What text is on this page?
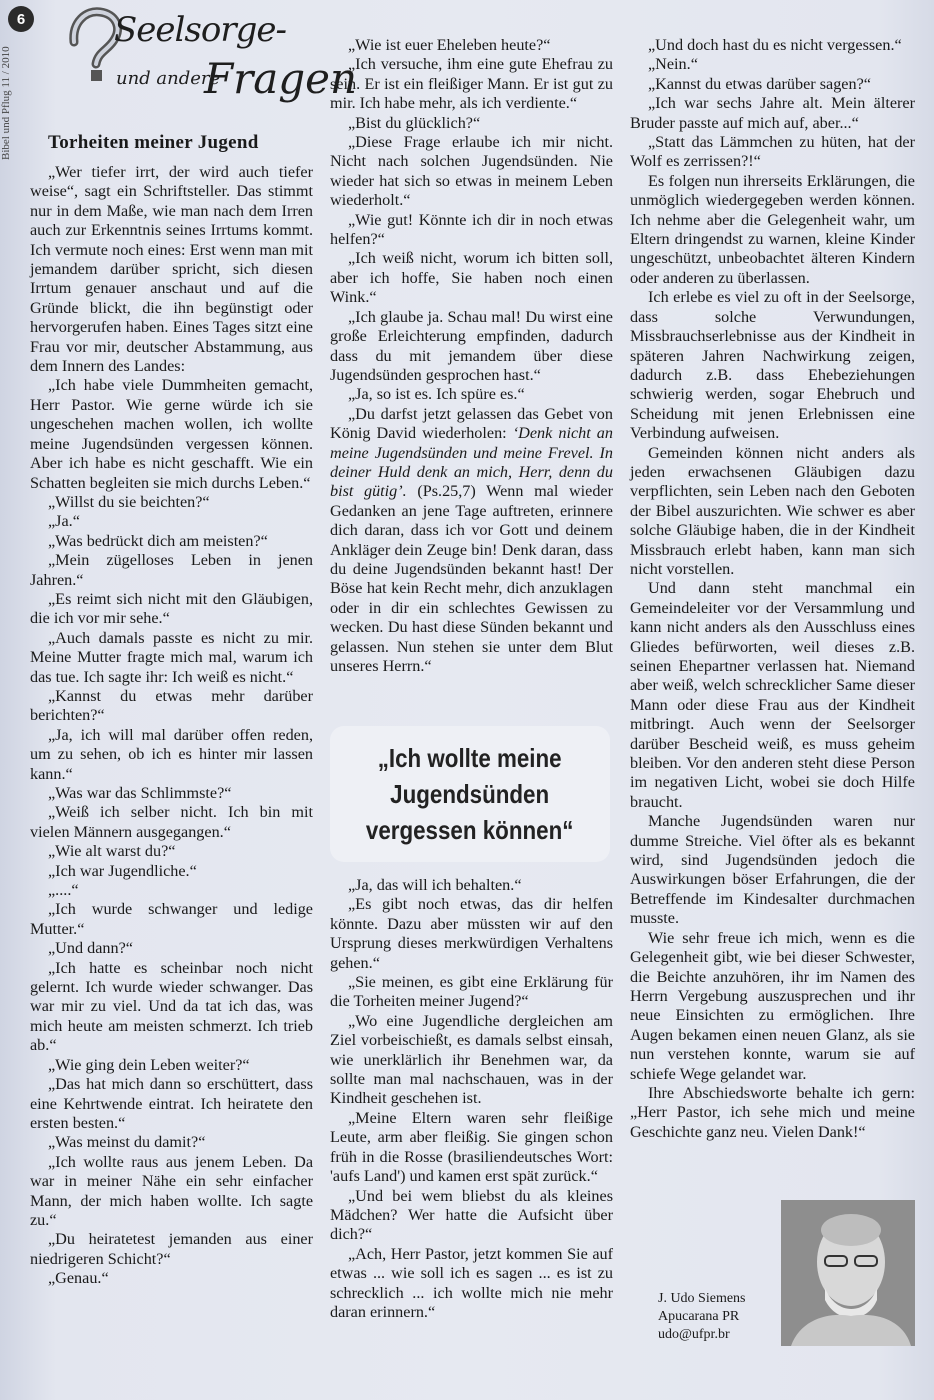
Bibel und Pflug 11 / 2010
6	Seelsorge-
und andere
Fragen
Torheiten meiner Jugend

„Wer tiefer irrt, der wird auch tiefer weise“, sagt ein Schriftsteller. Das stimmt nur in dem Maße, wie man nach dem Irren auch zur Erkenntnis seines Irrtums kommt. Ich vermute noch eines: Erst wenn man mit jemandem darüber spricht, sich diesen Irrtum genauer anschaut und auf die Gründe blickt, die ihn begünstigt oder hervorgerufen haben. Eines Tages sitzt eine Frau vor mir, deutscher Abstammung, aus dem Innern des Landes:

„Ich habe viele Dummheiten gemacht, Herr Pastor. Wie gerne würde ich sie ungeschehen machen wollen, ich wollte meine Jugendsünden vergessen können. Aber ich habe es nicht geschafft. Wie ein Schatten begleiten sie mich durchs Leben.“

„Willst du sie beichten?“

„Ja.“

„Was bedrückt dich am meisten?“

„Mein zügelloses Leben in jenen Jahren.“

„Es reimt sich nicht mit den Gläubigen, die ich vor mir sehe.“

„Auch damals passte es nicht zu mir. Meine Mutter fragte mich mal, warum ich das tue. Ich sagte ihr: Ich weiß es nicht.“

„Kannst du etwas mehr darüber berichten?“

„Ja, ich will mal darüber offen reden, um zu sehen, ob ich es hinter mir lassen kann.“

„Was war das Schlimmste?“

„Weiß ich selber nicht. Ich bin mit vielen Männern ausgegangen.“

„Wie alt warst du?“

„Ich war Jugendliche.“

„....“

„Ich wurde schwanger und ledige Mutter.“

„Und dann?“

„Ich hatte es scheinbar noch nicht gelernt. Ich wurde wieder schwanger. Das war mir zu viel. Und da tat ich das, was mich heute am meisten schmerzt. Ich trieb ab.“

„Wie ging dein Leben weiter?“

„Das hat mich dann so erschüttert, dass eine Kehrtwende eintrat. Ich heiratete den ersten besten.“

„Was meinst du damit?“

„Ich wollte raus aus jenem Leben. Da war in meiner Nähe ein sehr einfacher Mann, der mich haben wollte. Ich sagte zu.“

„Du heiratetest jemanden aus einer niedrigeren Schicht?“

„Genau.“

„Wie ist euer Eheleben heute?“

„Ich versuche, ihm eine gute Ehefrau zu sein. Er ist ein fleißiger Mann. Er ist gut zu mir. Ich habe mehr, als ich verdiente.“

„Bist du glücklich?“

„Diese Frage erlaube ich mir nicht. Nicht nach solchen Jugendsünden. Nie wieder hat sich so etwas in meinem Leben wiederholt.“

„Wie gut! Könnte ich dir in noch etwas helfen?“

„Ich weiß nicht, worum ich bitten soll, aber ich hoffe, Sie haben noch einen Wink.“

„Ich glaube ja. Schau mal! Du wirst eine große Erleichterung empfinden, dadurch dass du mit jemandem über diese Jugendsünden gesprochen hast.“

„Ja, so ist es. Ich spüre es.“

„Du darfst jetzt gelassen das Gebet von König David wiederholen: ‘Denk nicht an meine Jugendsünden und meine Frevel. In deiner Huld denk an mich, Herr, denn du bist gütig’. (Ps.25,7) Wenn mal wieder Gedanken an jene Tage auftreten, erinnere dich daran, dass ich vor Gott und deinem Ankläger dein Zeuge bin! Denk daran, dass du deine Jugendsünden bekannt hast! Der Böse hat kein Recht mehr, dich anzuklagen oder in dir ein schlechtes Gewissen zu wecken. Du hast diese Sünden bekannt und gelassen. Nun stehen sie unter dem Blut unseres Herrn.“

„Ich wollte meine
Jugendsünden
vergessen können“

„Ja, das will ich behalten.“

„Es gibt noch etwas, das dir helfen könnte. Dazu aber müssten wir auf den Ursprung dieses merkwürdigen Verhaltens gehen.“

„Sie meinen, es gibt eine Erklärung für die Torheiten meiner Jugend?“

„Wo eine Jugendliche dergleichen am Ziel vorbeischießt, es damals selbst einsah, wie unerklärlich ihr Benehmen war, da sollte man mal nachschauen, was in der Kindheit geschehen ist.

„Meine Eltern waren sehr fleißige Leute, arm aber fleißig. Sie gingen schon früh in die Rosse (brasiliendeutsches Wort: 'aufs Land') und kamen erst spät zurück.“

„Und bei wem bliebst du als kleines Mädchen? Wer hatte die Aufsicht über dich?“

„Ach, Herr Pastor, jetzt kommen Sie auf etwas ... wie soll ich es sagen ... es ist zu schrecklich ... ich wollte mich nie mehr daran erinnern.“

„Und doch hast du es nicht vergessen.“

„Nein.“

„Kannst du etwas darüber sagen?“

„Ich war sechs Jahre alt. Mein älterer Bruder passte auf mich auf, aber...“

„Statt das Lämmchen zu hüten, hat der Wolf es zerrissen?!“

Es folgen nun ihrerseits Erklärungen, die unmöglich wiedergegeben werden können. Ich nehme aber die Gelegenheit wahr, um Eltern dringendst zu warnen, kleine Kinder ungeschützt, unbeobachtet älteren Kindern oder anderen zu überlassen.

Ich erlebe es viel zu oft in der Seelsorge, dass solche Verwundungen, Missbrauchserlebnisse aus der Kindheit in späteren Jahren Nachwirkung zeigen, dadurch z.B. dass Ehebeziehungen schwierig werden, sogar Ehebruch und Scheidung mit jenen Erlebnissen eine Verbindung aufweisen.

Gemeinden können nicht anders als jeden erwachsenen Gläubigen dazu verpflichten, sein Leben nach den Geboten der Bibel auszurichten. Wie schwer es aber solche Gläubige haben, die in der Kindheit Missbrauch erlebt haben, kann man sich nicht vorstellen.

Und dann steht manchmal ein Gemeindeleiter vor der Versammlung und kann nicht anders als den Ausschluss eines Gliedes befürworten, weil dieses z.B. seinen Ehepartner verlassen hat. Niemand aber weiß, welch schrecklicher Same dieser Mann oder diese Frau aus der Kindheit mitbringt. Auch wenn der Seelsorger darüber Bescheid weiß, es muss geheim bleiben. Vor den anderen steht diese Person im negativen Licht, wobei sie doch Hilfe braucht.

Manche Jugendsünden waren nur dumme Streiche. Viel öfter als es bekannt wird, sind Jugendsünden jedoch die Auswirkungen böser Erfahrungen, die der Betreffende im Kindesalter durchmachen musste.

Wie sehr freue ich mich, wenn es die Gelegenheit gibt, wie bei dieser Schwester, die Beichte anzuhören, ihr im Namen des Herrn Vergebung auszusprechen und ihr neue Einsichten zu ermöglichen. Ihre Augen bekamen einen neuen Glanz, als sie nun verstehen konnte, warum sie auf schiefe Wege gelandet war.

Ihre Abschiedsworte behalte ich gern:„Herr Pastor, ich sehe mich und meine Geschichte ganz neu. Vielen Dank!“

J. Udo Siemens
Apucarana PR
udo@ufpr.br
